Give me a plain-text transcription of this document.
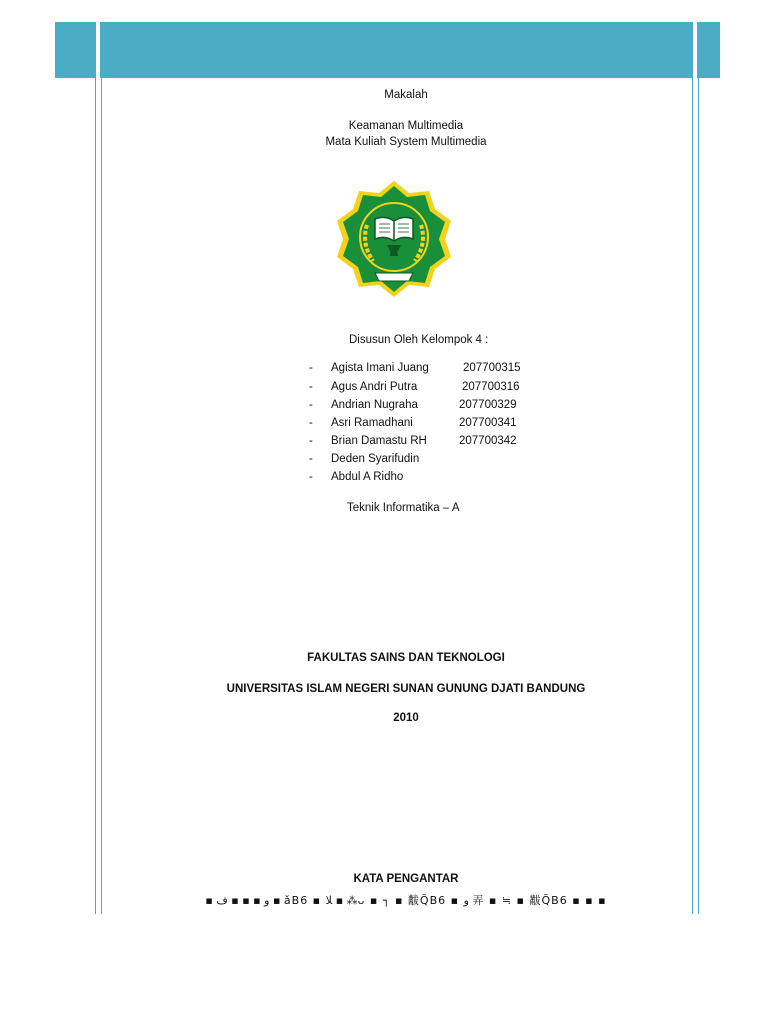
Makalah
Keamanan Multimedia
Mata Kuliah System Multimedia
Disusun Oleh Kelompok 4 :
- Agista Imani Juang	207700315
- Agus Andri Putra	207700316
- Andrian Nugraha	207700329
- Asri Ramadhani	207700341
- Brian Damastu RH	207700342
- Deden Syarifudin
- Abdul A Ridho
Teknik Informatika – A
FAKULTAS SAINS DAN TEKNOLOGI
UNIVERSITAS ISLAM NEGERI SUNAN GUNUNG DJATI BANDUNG
2010
KATA PENGANTAR
▪ ﻭ ▪ ▪ ▪ ﻑ ▪ ǎB6 ▪ ﻼ ▪ ⁂ᴗ ▪ ┐ ▪ 黻Q̃B6 ▪ ﻭ 弄 ▪ ≒ ▪ 黻Q̃B6 ▪ ▪ ▪
